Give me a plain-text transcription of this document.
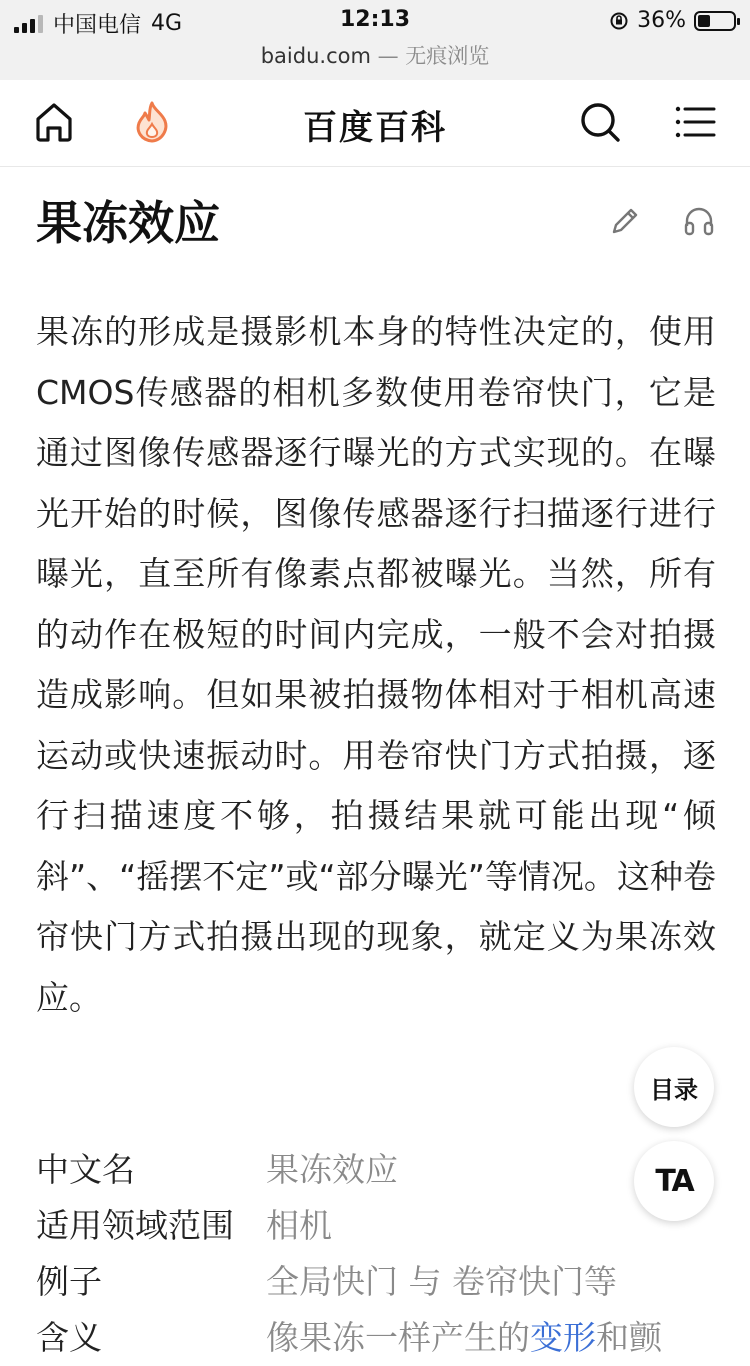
中国电信 4G	12:13	36%
baidu.com — 无痕浏览
百度百科
果冻效应
果冻的形成是摄影机本身的特性决定的，使用CMOS传感器的相机多数使用卷帘快门，它是通过图像传感器逐行曝光的方式实现的。在曝光开始的时候，图像传感器逐行扫描逐行进行曝光，直至所有像素点都被曝光。当然，所有的动作在极短的时间内完成，一般不会对拍摄造成影响。但如果被拍摄物体相对于相机高速运动或快速振动时。用卷帘快门方式拍摄，逐行扫描速度不够，拍摄结果就可能出现“倾斜”、“摇摆不定”或“部分曝光”等情况。这种卷帘快门方式拍摄出现的现象，就定义为果冻效应。
中文名	果冻效应
适用领域范围 相机
例子	全局快门 与 卷帘快门等
含义	像果冻一样产生的变形和颤
目录
TA
